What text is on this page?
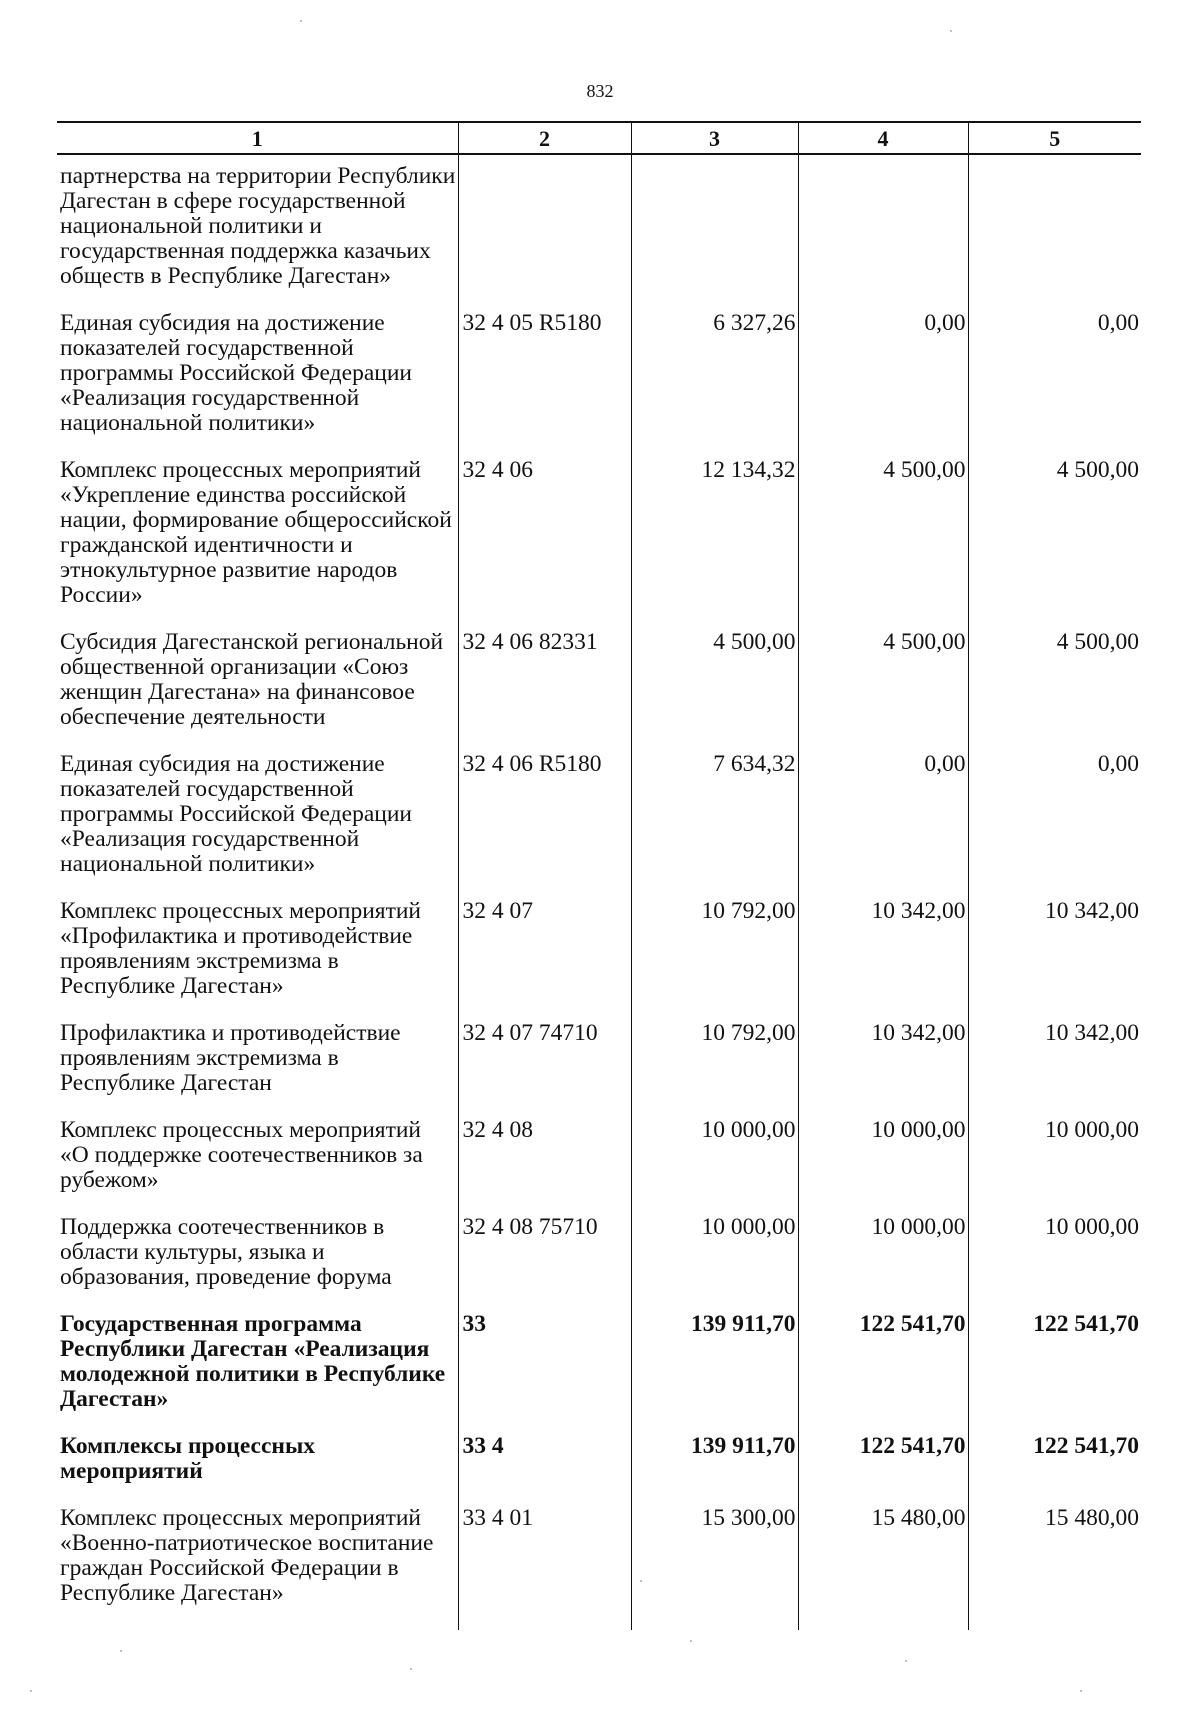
832
1	2	3	4	5
партнерства на территории Республики Дагестан в сфере государственной национальной политики и государственная поддержка казачьих обществ в Республике Дагестан»				
Единая субсидия на достижение показателей государственной программы Российской Федерации «Реализация государственной национальной политики»	32 4 05 R5180	6 327,26	0,00	0,00
Комплекс процессных мероприятий «Укрепление единства российской нации, формирование общероссийской гражданской идентичности и этнокультурное развитие народов России»	32 4 06	12 134,32	4 500,00	4 500,00
Субсидия Дагестанской региональной общественной организации «Союз женщин Дагестана» на финансовое обеспечение деятельности	32 4 06 82331	4 500,00	4 500,00	4 500,00
Единая субсидия на достижение показателей государственной программы Российской Федерации «Реализация государственной национальной политики»	32 4 06 R5180	7 634,32	0,00	0,00
Комплекс процессных мероприятий «Профилактика и противодействие проявлениям экстремизма в Республике Дагестан»	32 4 07	10 792,00	10 342,00	10 342,00
Профилактика и противодействие проявлениям экстремизма в Республике Дагестан	32 4 07 74710	10 792,00	10 342,00	10 342,00
Комплекс процессных мероприятий «О поддержке соотечественников за рубежом»	32 4 08	10 000,00	10 000,00	10 000,00
Поддержка соотечественников в области культуры, языка и образования, проведение форума	32 4 08 75710	10 000,00	10 000,00	10 000,00
Государственная программа Республики Дагестан «Реализация молодежной политики в Республике Дагестан»	33	139 911,70	122 541,70	122 541,70
Комплексы процессных мероприятий	33 4	139 911,70	122 541,70	122 541,70
Комплекс процессных мероприятий «Военно-патриотическое воспитание граждан Российской Федерации в Республике Дагестан»	33 4 01	15 300,00	15 480,00	15 480,00
